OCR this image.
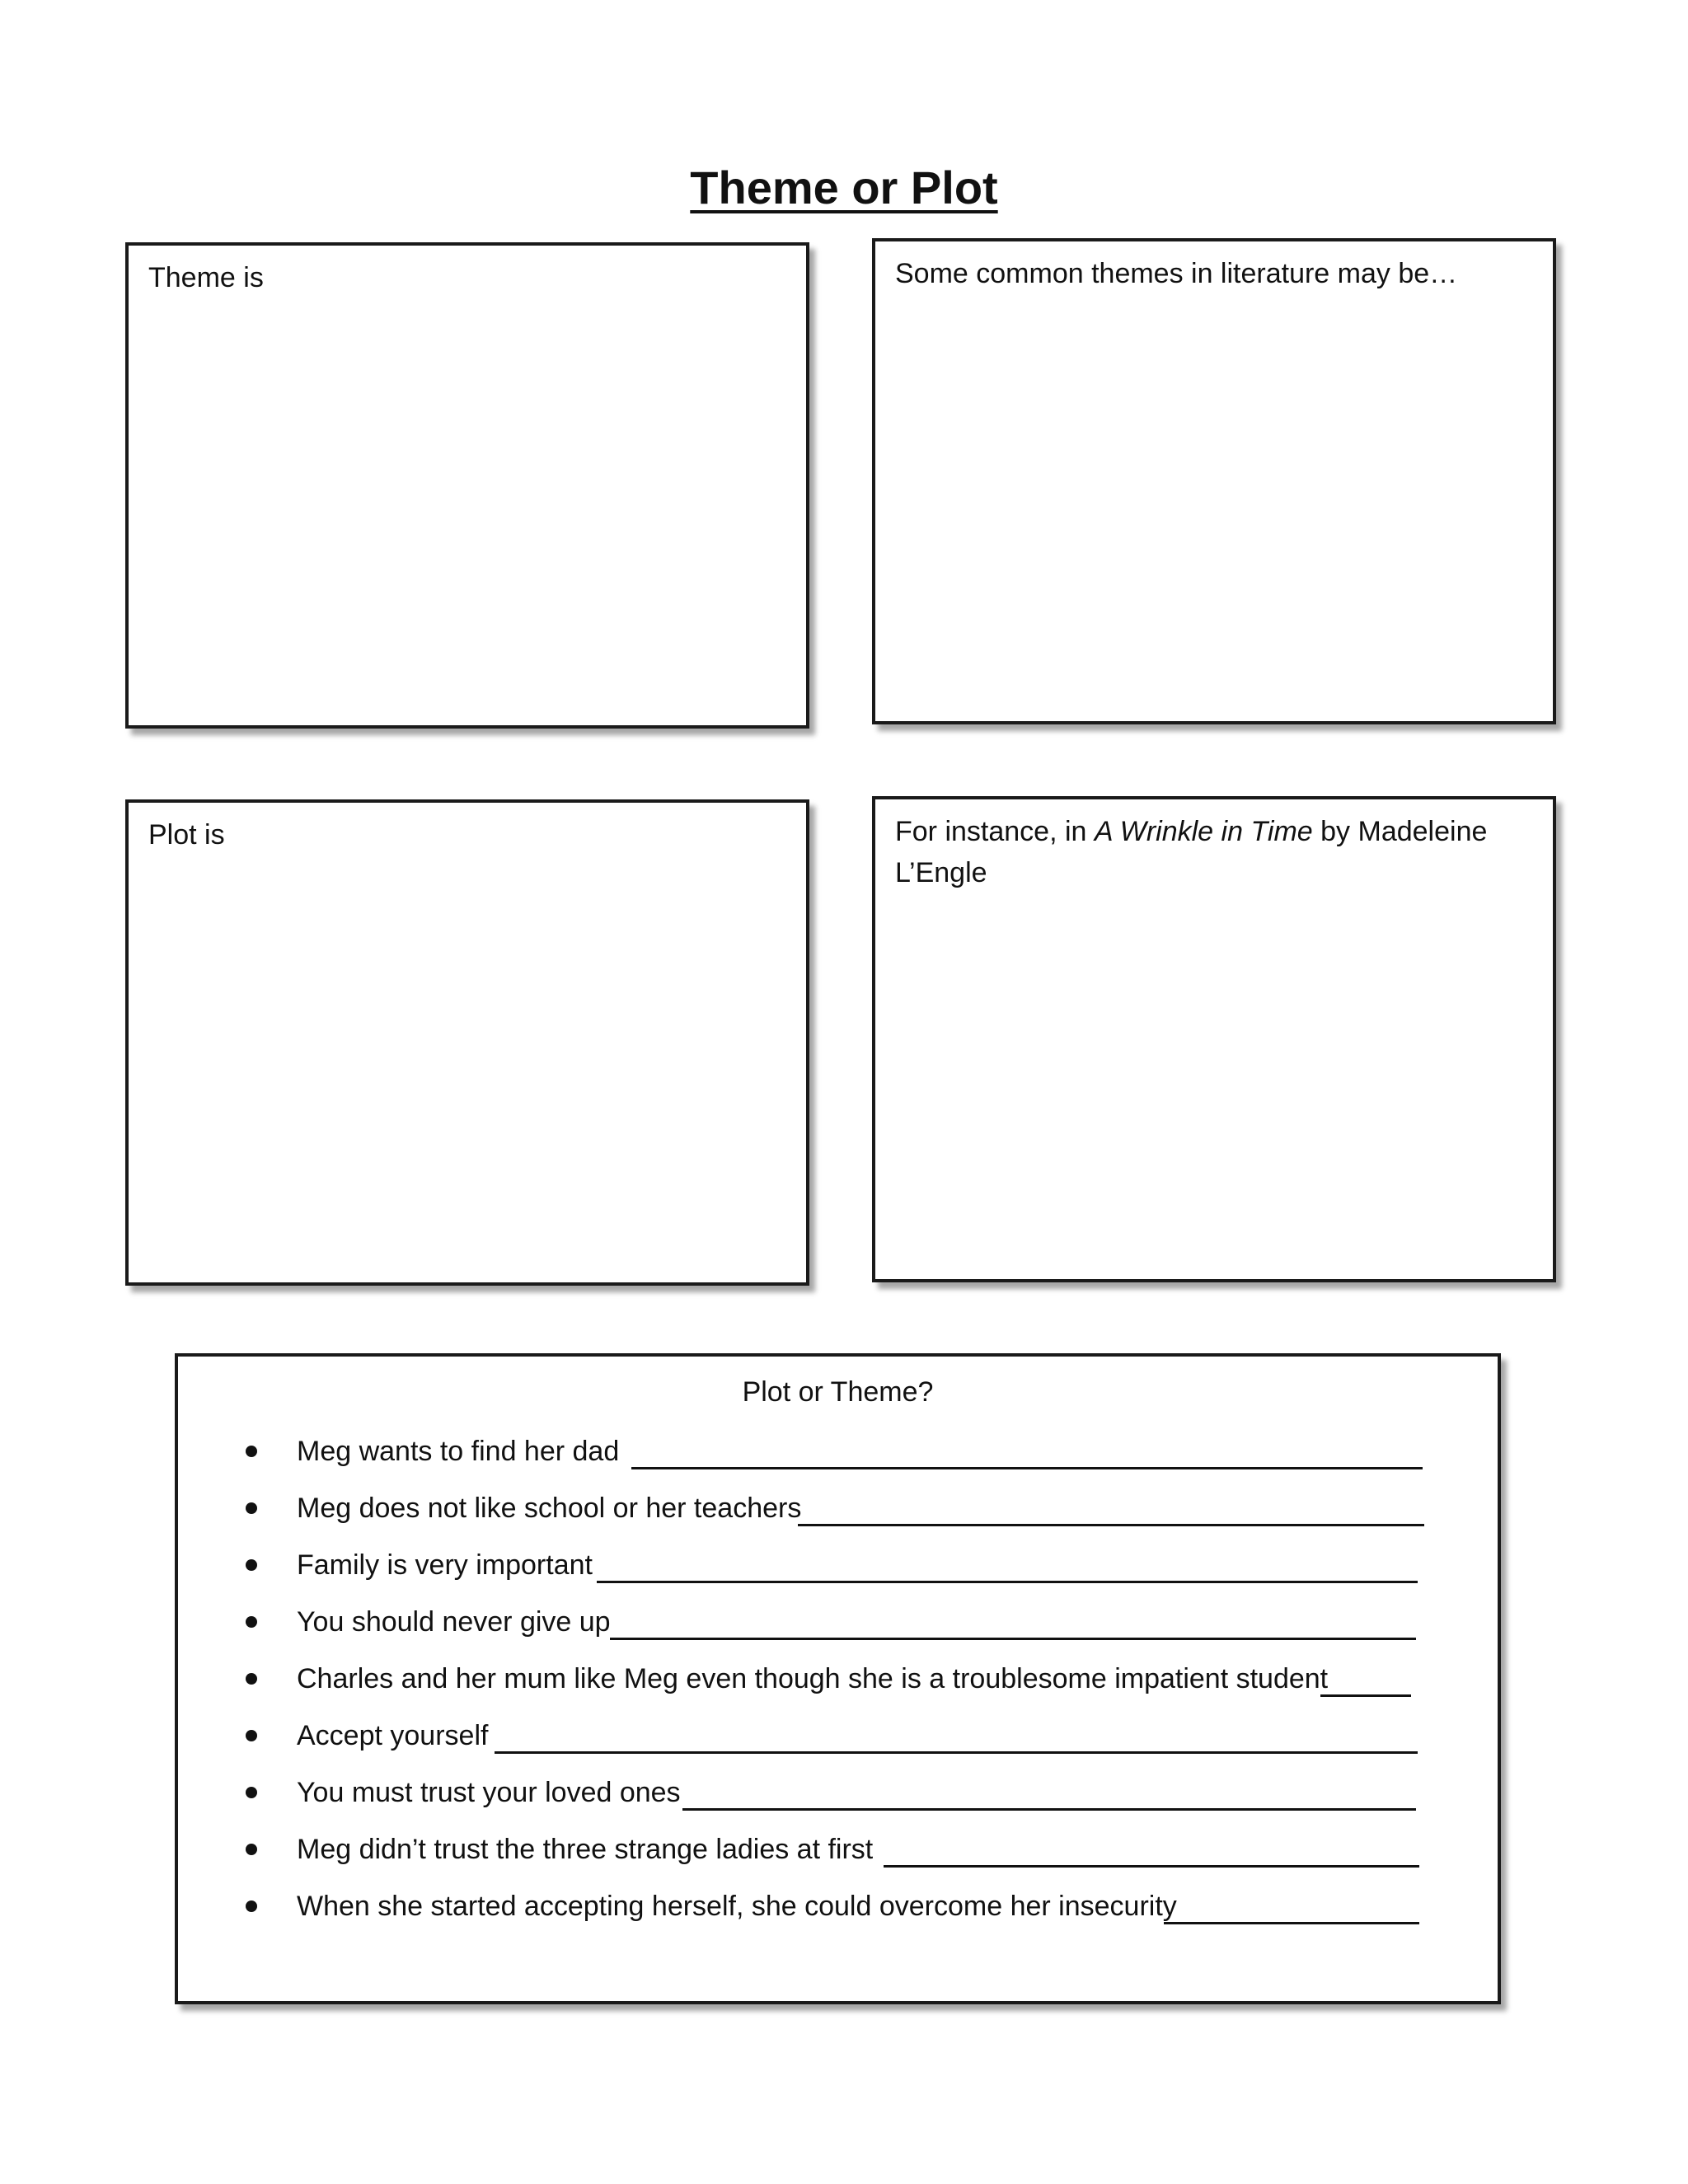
Theme or Plot

Theme is	Some common themes in literature may be…

Plot is	For instance, in A Wrinkle in Time by Madeleine L’Engle

Plot or Theme?

Meg wants to find her dad
Meg does not like school or her teachers
Family is very important
You should never give up
Charles and her mum like Meg even though she is a troublesome impatient student
Accept yourself
You must trust your loved ones
Meg didn’t trust the three strange ladies at first
When she started accepting herself, she could overcome her insecurity
